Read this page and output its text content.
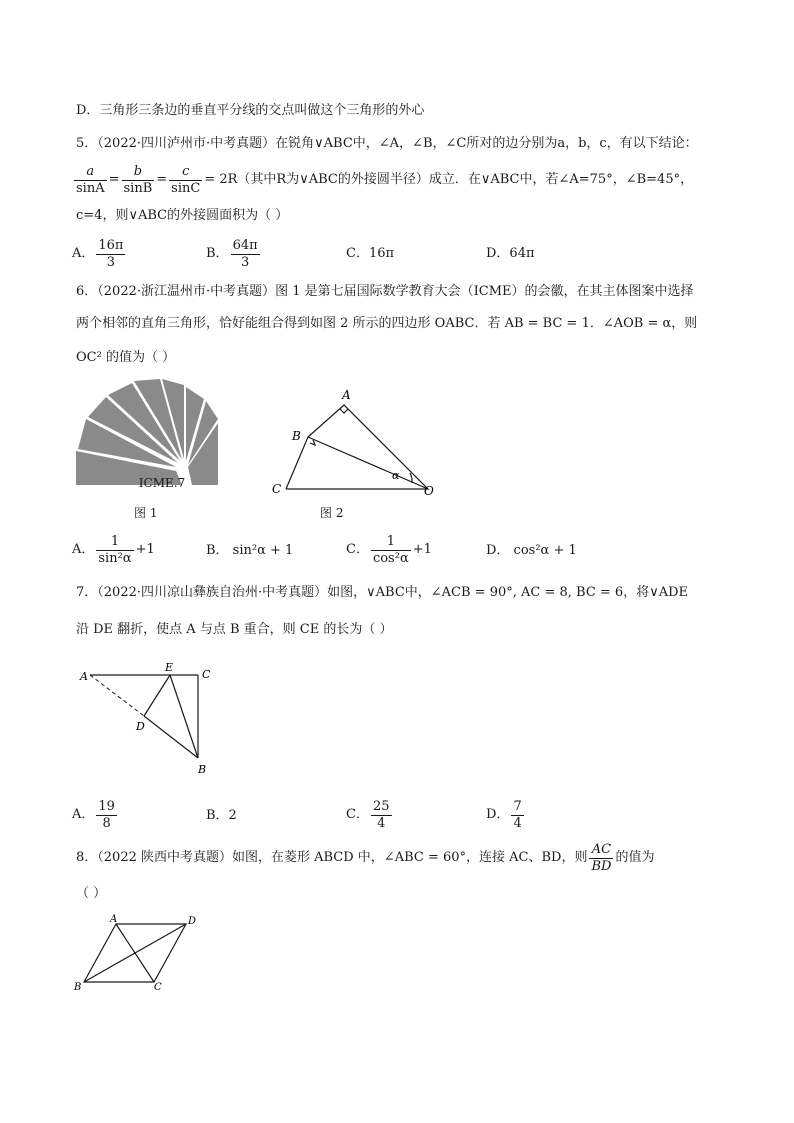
D．三角形三条边的垂直平分线的交点叫做这个三角形的外心
5．（2022·四川泸州市·中考真题）在锐角∨ABC中，∠A，∠B，∠C所对的边分别为a，b，c，有以下结论：
$\frac{a}{\sin A} = \frac{b}{\sin B} = \frac{c}{\sin C} = 2R$（其中R为∨ABC的外接圆半径）成立．在∨ABC中，若∠A=75°，∠B=45°，
c=4，则∨ABC的外接圆面积为（ ）
A． $\frac{16\pi}{3}$	B． $\frac{64\pi}{3}$	C．16π	D．64π
6．（2022·浙江温州市·中考真题）图 1 是第七届国际数学教育大会（ICME）的会徽，在其主体图案中选择
两个相邻的直角三角形，恰好能组合得到如图 2 所示的四边形 OABC．若 AB = BC = 1．∠AOB = α，则
OC² 的值为（ ）
ICME.7
图 1
A
B
C	O
α
图 2
A． $\frac{1}{\text{sin²α}} +1$	B． sin²α + 1	C． $\frac{1}{\text{cos²α}} +1$	D． cos²α + 1
7．（2022·四川凉山彝族自治州·中考真题）如图，∨ABC中，∠ACB = 90°, AC = 8, BC = 6，将∨ADE
沿 DE 翻折，使点 A 与点 B 重合，则 CE 的长为（ ）
A
E
C
D
B
A． $\frac{19}{8}$	B．2	C． $\frac{25}{4}$	D． $\frac{7}{4}$
8．（2022 陕西中考真题）如图，在菱形 ABCD 中，∠ABC = 60°，连接 AC、BD，则 $\frac{AC}{BD}$ 的值为
（ ）
A	D
B	C
